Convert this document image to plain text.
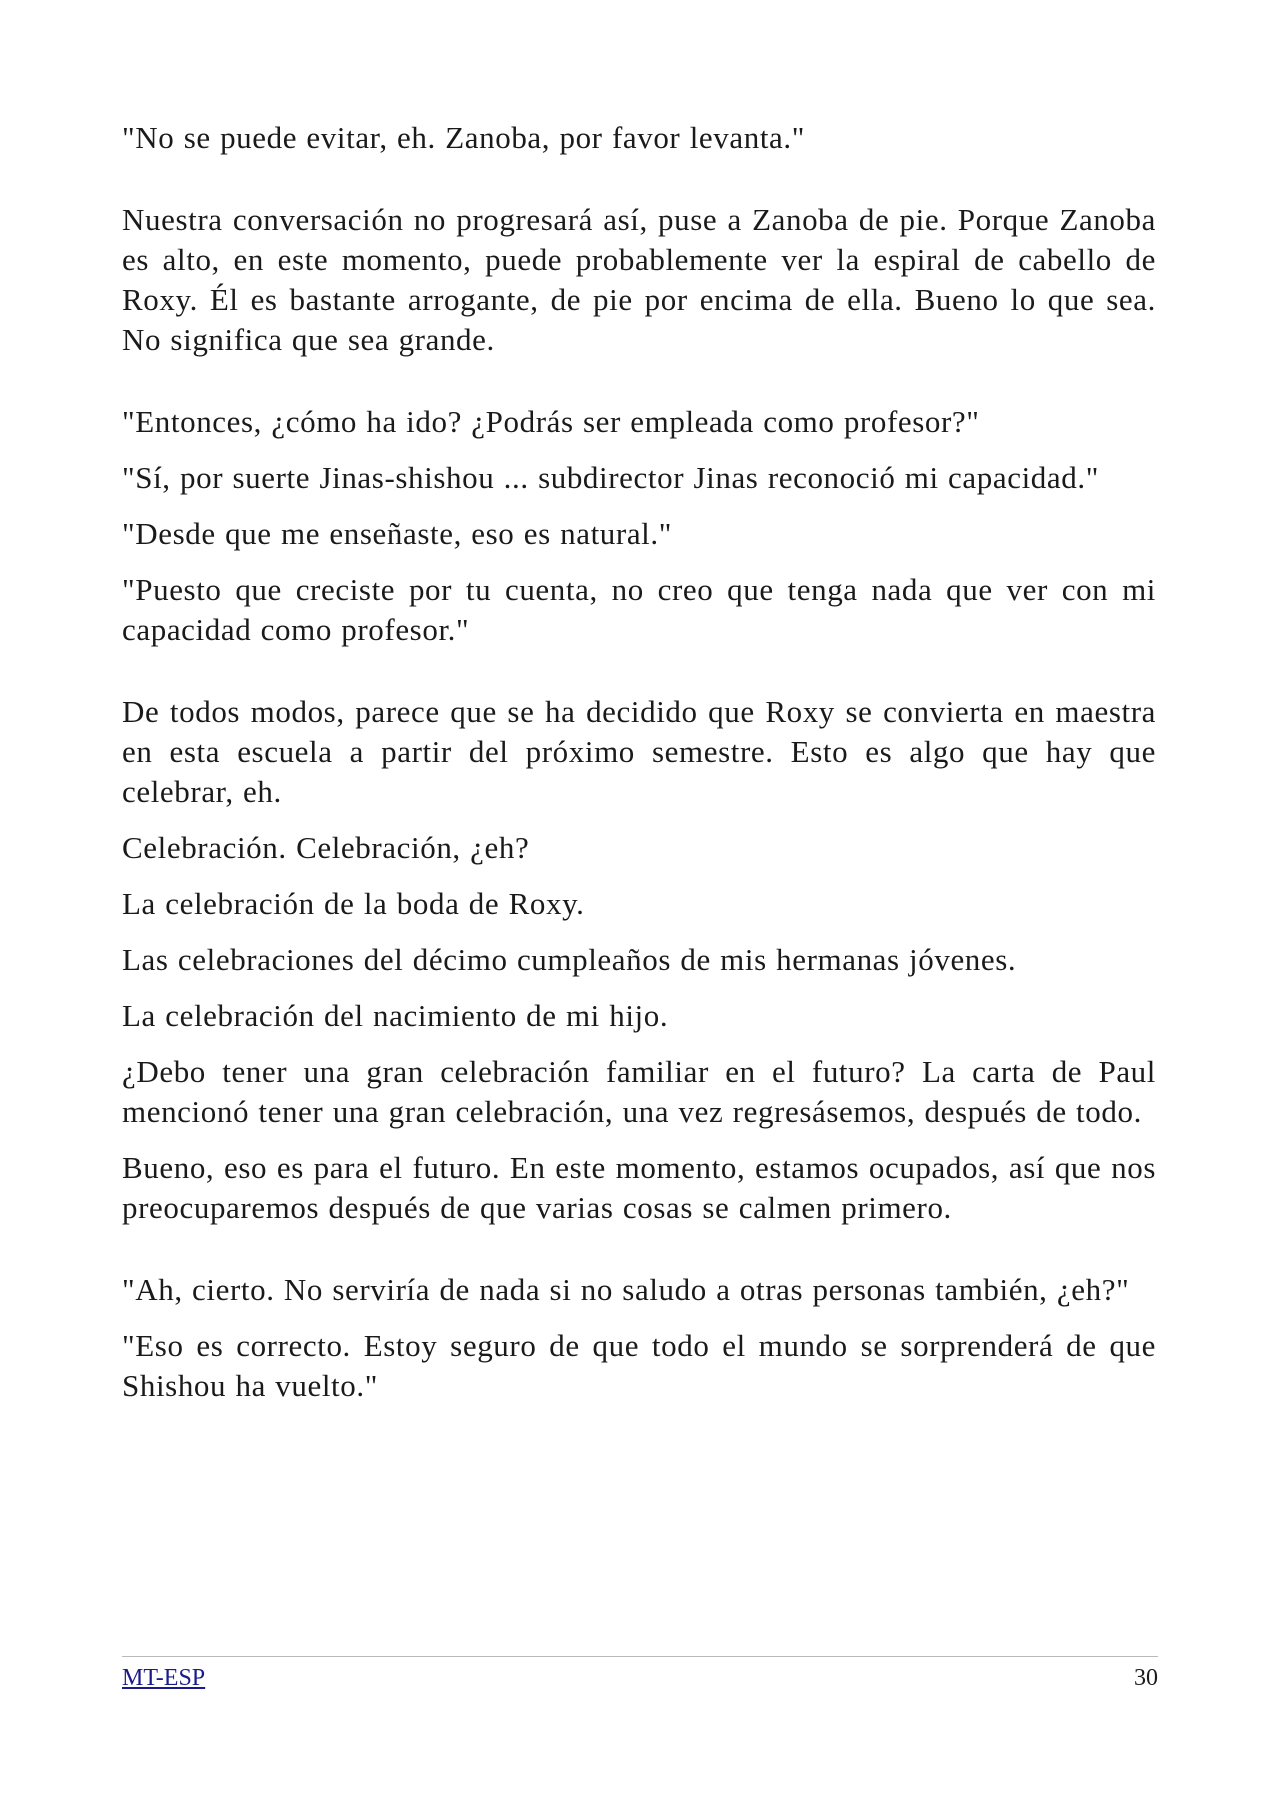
"No se puede evitar, eh. Zanoba, por favor levanta."

Nuestra conversación no progresará así, puse a Zanoba de pie. Porque Zanoba es alto, en este momento, puede probablemente ver la espiral de cabello de Roxy. Él es bastante arrogante, de pie por encima de ella. Bueno lo que sea. No significa que sea grande.

"Entonces, ¿cómo ha ido? ¿Podrás ser empleada como profesor?"

"Sí, por suerte Jinas-shishou ... subdirector Jinas reconoció mi capacidad."

"Desde que me enseñaste, eso es natural."

"Puesto que creciste por tu cuenta, no creo que tenga nada que ver con mi capacidad como profesor."

De todos modos, parece que se ha decidido que Roxy se convierta en maestra en esta escuela a partir del próximo semestre. Esto es algo que hay que celebrar, eh.

Celebración. Celebración, ¿eh?

La celebración de la boda de Roxy.

Las celebraciones del décimo cumpleaños de mis hermanas jóvenes.

La celebración del nacimiento de mi hijo.

¿Debo tener una gran celebración familiar en el futuro? La carta de Paul mencionó tener una gran celebración, una vez regresásemos, después de todo.

Bueno, eso es para el futuro. En este momento, estamos ocupados, así que nos preocuparemos después de que varias cosas se calmen primero.

"Ah, cierto. No serviría de nada si no saludo a otras personas también, ¿eh?"

"Eso es correcto. Estoy seguro de que todo el mundo se sorprenderá de que Shishou ha vuelto."

MT-ESP	30
